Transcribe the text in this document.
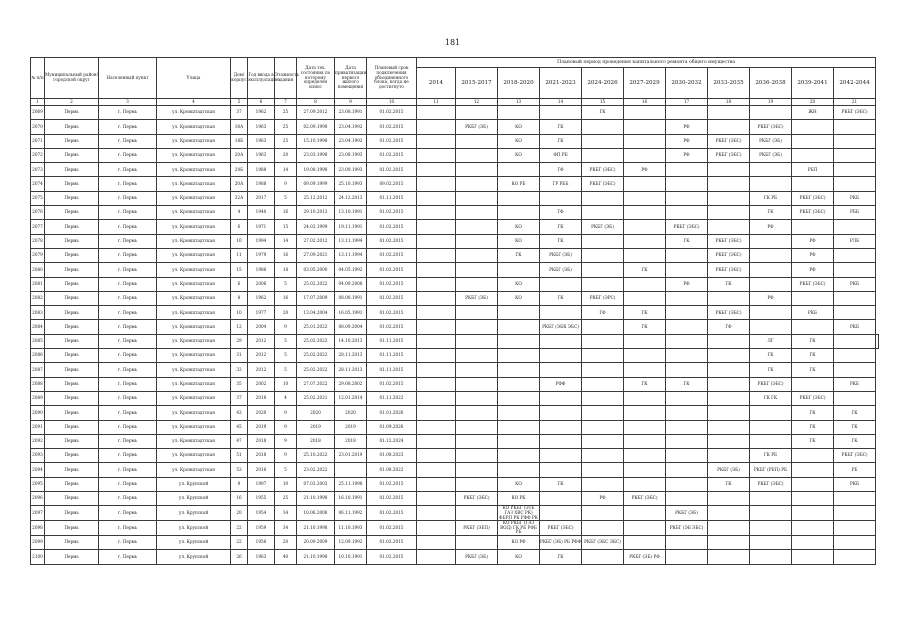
181
№ п/п	Муниципальный район/городской округ	Населенный пункт	Улица	Дом/корпус	Год ввода в эксплуатацию	Этажность здания	Дата тех. состояния по которому определен износ	Дата приватизации первого жилого помещения	Плановый срок подключения объединенного блока, когда не достигнуто	Плановый период проведения капитального ремонта общего имущества											
										2014	2015-2017	2018-2020	2021-2023	2024-2026	2027-2029	2030-2032	2033-2035	2036-2038	2039-2041	2042-2044	
1	2	3	4	5	6	7	8	9	10	11	12	13	14	15	16	17	18	19	20	21	
2069	Пермь	г. Пермь	ул. Кронштадтская	37	1962	25	27.09.2012	23.08.1991	01.02.2015					ГК					ЖН	РКБГ (ЭБС)	
2070	Пермь	г. Пермь	ул. Кронштадтская	18А	1963	25	02.09.1998	23.04.1992	01.02.2015		РКБГ (ЭБ)	КО	ГК			РФ		РКБГ (ЭБС)			
2071	Пермь	г. Пермь	ул. Кронштадтская	18Б	1963	25	15.10.1998	23.04.1992	01.02.2015			КО	ГК			РФ	РКБГ (ЭБС)	РКБГ (ЭБ)			
2072	Пермь	г. Пермь	ул. Кронштадтская	20А	1963	20	23.03.1998	23.08.1993	01.02.2015			КО	ФП РБ			РФ	РКБГ (ЭБС)	РКБГ (ЭБ)			
2073	Пермь	г. Пермь	ул. Кронштадтская	20Б	1988	14	19.08.1998	23.09.1993	01.02.2015				ГФ	РКБГ (ЭБС)	РФ				РБП		
2074	Пермь	г. Пермь	ул. Кронштадтская	20А	1988	9	09.09.1999	25.10.1993	09.02.2015			КО РБ	ГР РББ	РКБГ (ЭБС)							
2075	Пермь	г. Пермь	ул. Кронштадтская	32А	2017	5	25.12.2012	24.12.2013	01.11.2015									ГК РБ	РКБГ (ЭБС)	РКБ	
2076	Пермь	г. Пермь	ул. Кронштадтская	4	1940	16	29.10.2013	13.10.1991	01.02.2015				ГФ					ГК	РКБГ (ЭБС)	РББ	
2077	Пермь	г. Пермь	ул. Кронштадтская	6	1971	15	24.02.1999	19.11.1991	01.02.2015			КО	ГК	РКБГ (ЭБ)		РКБГ (ЭБС)		РФ			
2078	Пермь	г. Пермь	ул. Кронштадтская	10	1994	14	27.02.2012	13.11.1994	01.02.2015			КО	ГК			ГК	РКБГ (ЭБС)		РФ	РЛБ	
2079	Пермь	г. Пермь	ул. Кронштадтская	11	1979	16	27.09.2021	13.11.1994	01.02.2015			ГК	РКБГ (ЭБ)				РКБГ (ЭБС)		РФ		
2080	Пермь	г. Пермь	ул. Кронштадтская	15	1986	18	03.05.2000	04.05.1992	01.02.2015				РКБГ (ЭБ)		ГК		РКБГ (ЭБС)		РФ		
2081	Пермь	г. Пермь	ул. Кронштадтская	6	2006	5	25.02.2022	04.09.2008	01.02.2015			КО				РФ	ГК		РКБГ (ЭБС)	РКБ	
2082	Пермь	г. Пермь	ул. Кронштадтская	8	1962	16	17.07.2009	08.08.1991	01.02.2015		РКБГ (ЭБ)	КО	ГК	РКБГ (ЭРС)				РФ			
2083	Пермь	г. Пермь	ул. Кронштадтская	10	1977	20	13.04.2004	16.05.1991	01.02.2015					ГФ	ГК		РКБГ (ЭБС)		РКБ		
2084	Пермь	г. Пермь	ул. Кронштадтская	12	2004	9	25.01.2022	08.09.2004	01.02.2015				РКБГ (ЭБК ЭБС)		ГК		ГФ			РКБ	
2085	Пермь	г. Пермь	ул. Кронштадтская	29	2012	5	25.02.2022	14.10.2013	01.11.2015									ЛГ	ГК		
2086	Пермь	г. Пермь	ул. Кронштадтская	31	2012	5	25.02.2022	28.11.2013	01.11.2015									ГК	ГК		
2087	Пермь	г. Пермь	ул. Кронштадтская	33	2012	5	25.02.2022	28.11.2013	01.11.2015									ГК	ГК		
2088	Пермь	г. Пермь	ул. Кронштадтская	35	2002	10	27.07.2022	29.08.2002	01.02.2015				РФФ		ГК	ГК		РКБГ (ЭБС)		РКБ	
2089	Пермь	г. Пермь	ул. Кронштадтская	37	2018	4	25.02.2021	12.01.2014	01.11.2022									ГК ГК	РКБГ (ЭБС)		
2090	Пермь	г. Пермь	ул. Кронштадтская	43	2020	9	2020	2020	01.01.2026										ГК	ГК	
2091	Пермь	г. Пермь	ул. Кронштадтская	45	2019	9	2019	2019	01.09.2026										ГК	ГК	
2092	Пермь	г. Пермь	ул. Кронштадтская	47	2018	9	2018	2018	01.12.2024										ГК	ГК	
2093	Пермь	г. Пермь	ул. Кронштадтская	51	2018	9	25.10.2022	23.01.2019	01.08.2023									ГК РБ		РКБГ (ЭБС)	
2094	Пермь	г. Пермь	ул. Кронштадтская	53	2016	5	23.02.2022		01.08.2022								РКБГ (ЭБ)	РКБГ (РБП) РБ		РБ	
2095	Пермь	г. Пермь	ул. Крупской	9	1997	10	07.03.2003	25.11.1998	01.02.2015			КО	ГК				ГК	РКБГ (ЭБС)		РКБ	
2096	Пермь	г. Пермь	ул. Крупской	16	1955	25	21.10.1998	16.10.1991	01.02.2015		РКБГ (ЭБС)	КО РК		РФ	РКБГ (ЭБС)						
2097	Пермь	г. Пермь	ул. Крупской	20	1954	34	10.06.2008	06.11.1992	01.02.2015			КО РКБГ (ЭТЕ ГАЗ ХВС РК) ФБРП РК РФФ РК				РКБГ (ЭБ)					
2098	Пермь	г. Пермь	ул. Крупской	22	1959	34	21.10.1998	11.10.1993	01.02.2015		РКБГ (ЭБП)	КО РКБГ (ГАЗ ВОД) ГК РБ РФБ РБ	РКБГ (ЭБС)			РКБГ (ЭБ ЭБС)					
2099	Пермь	г. Пермь	ул. Крупской	22	1956	20	20.09.2009	12.09.1992	01.02.2015			КО РФ	РКБГ (ЭБ) РБ РФФ	РКБГ (ЭБС ЭБС)							
2100	Пермь	г. Пермь	ул. Крупской	26	1963	40	21.10.1998	10.10.1991	01.02.2015		РКБГ (ЭБ)	КО	ГК		РКБГ (ЭБ) РФ						
